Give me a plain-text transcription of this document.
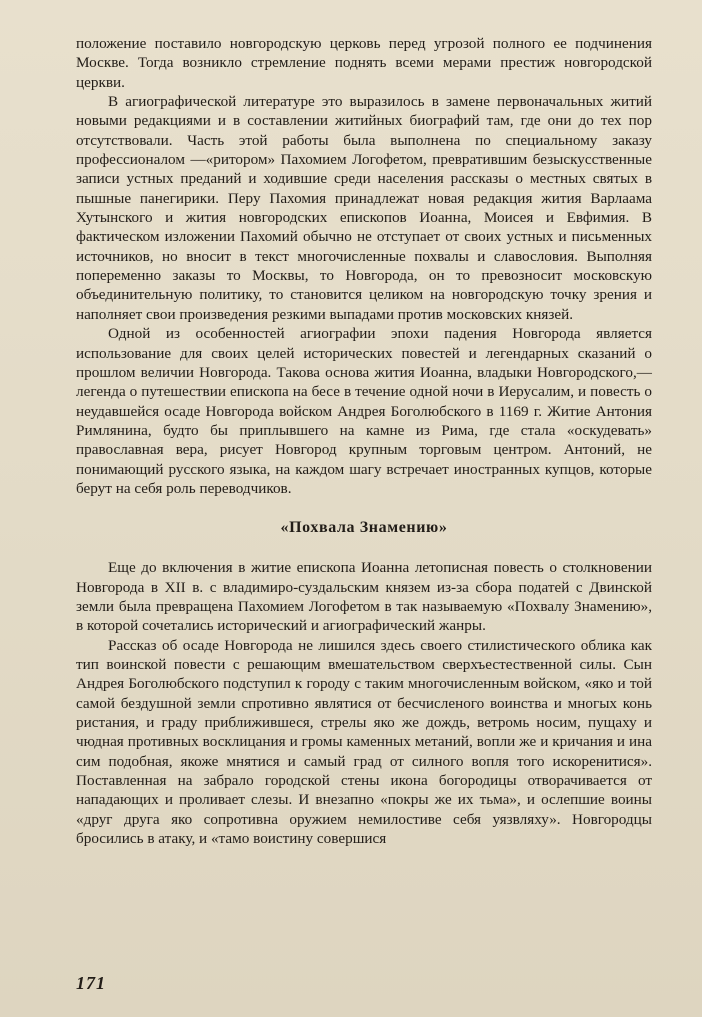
положение поставило новгородскую церковь перед угрозой полного ее подчинения Москве. Тогда возникло стремление поднять всеми мерами престиж новгородской церкви.

В агиографической литературе это выразилось в замене первоначальных житий новыми редакциями и в составлении житийных биографий там, где они до тех пор отсутствовали. Часть этой работы была выполнена по специальному заказу профессионалом —«ритором» Пахомием Логофетом, превратившим безыскусственные записи устных преданий и ходившие среди населения рассказы о местных святых в пышные панегирики. Перу Пахомия принадлежат новая редакция жития Варлаама Хутынского и жития новгородских епископов Иоанна, Моисея и Евфимия. В фактическом изложении Пахомий обычно не отступает от своих устных и письменных источников, но вносит в текст многочисленные похвалы и славословия. Выполняя попеременно заказы то Москвы, то Новгорода, он то превозносит московскую объединительную политику, то становится целиком на новгородскую точку зрения и наполняет свои произведения резкими выпадами против московских князей.

Одной из особенностей агиографии эпохи падения Новгорода является использование для своих целей исторических повестей и легендарных сказаний о прошлом величии Новгорода. Такова основа жития Иоанна, владыки Новгородского,—легенда о путешествии епископа на бесе в течение одной ночи в Иерусалим, и повесть о неудавшейся осаде Новгорода войском Андрея Боголюбского в 1169 г. Житие Антония Римлянина, будто бы приплывшего на камне из Рима, где стала «оскудевать» православная вера, рисует Новгород крупным торговым центром. Антоний, не понимающий русского языка, на каждом шагу встречает иностранных купцов, которые берут на себя роль переводчиков.

«Похвала Знамению»

Еще до включения в житие епископа Иоанна летописная повесть о столкновении Новгорода в XII в. с владимиро-суздальским князем из-за сбора податей с Двинской земли была превращена Пахомием Логофетом в так называемую «Похвалу Знамению», в которой сочетались исторический и агиографический жанры.

Рассказ об осаде Новгорода не лишился здесь своего стилистического облика как тип воинской повести с решающим вмешательством сверхъестественной силы. Сын Андрея Боголюбского подступил к городу с таким многочисленным войском, «яко и той самой бездушной земли спротивно являтися от бесчисленого воинства и многых конь ристания, и граду приближившеся, стрелы яко же дождь, ветромь носим, пущаху и чюдная противных восклицания и громы каменных метаний, вопли же и кричания и ина сим подобная, якоже мнятися и самый град от силного вопля того искоренитися». Поставленная на забрало городской стены икона богородицы отворачивается от нападающих и проливает слезы. И внезапно «покры же их тьма», и ослепшие воины «друг друга яко сопротивна оружием немилостиве себя уязвляху». Новгородцы бросились в атаку, и «тамо воистину совершися

171
